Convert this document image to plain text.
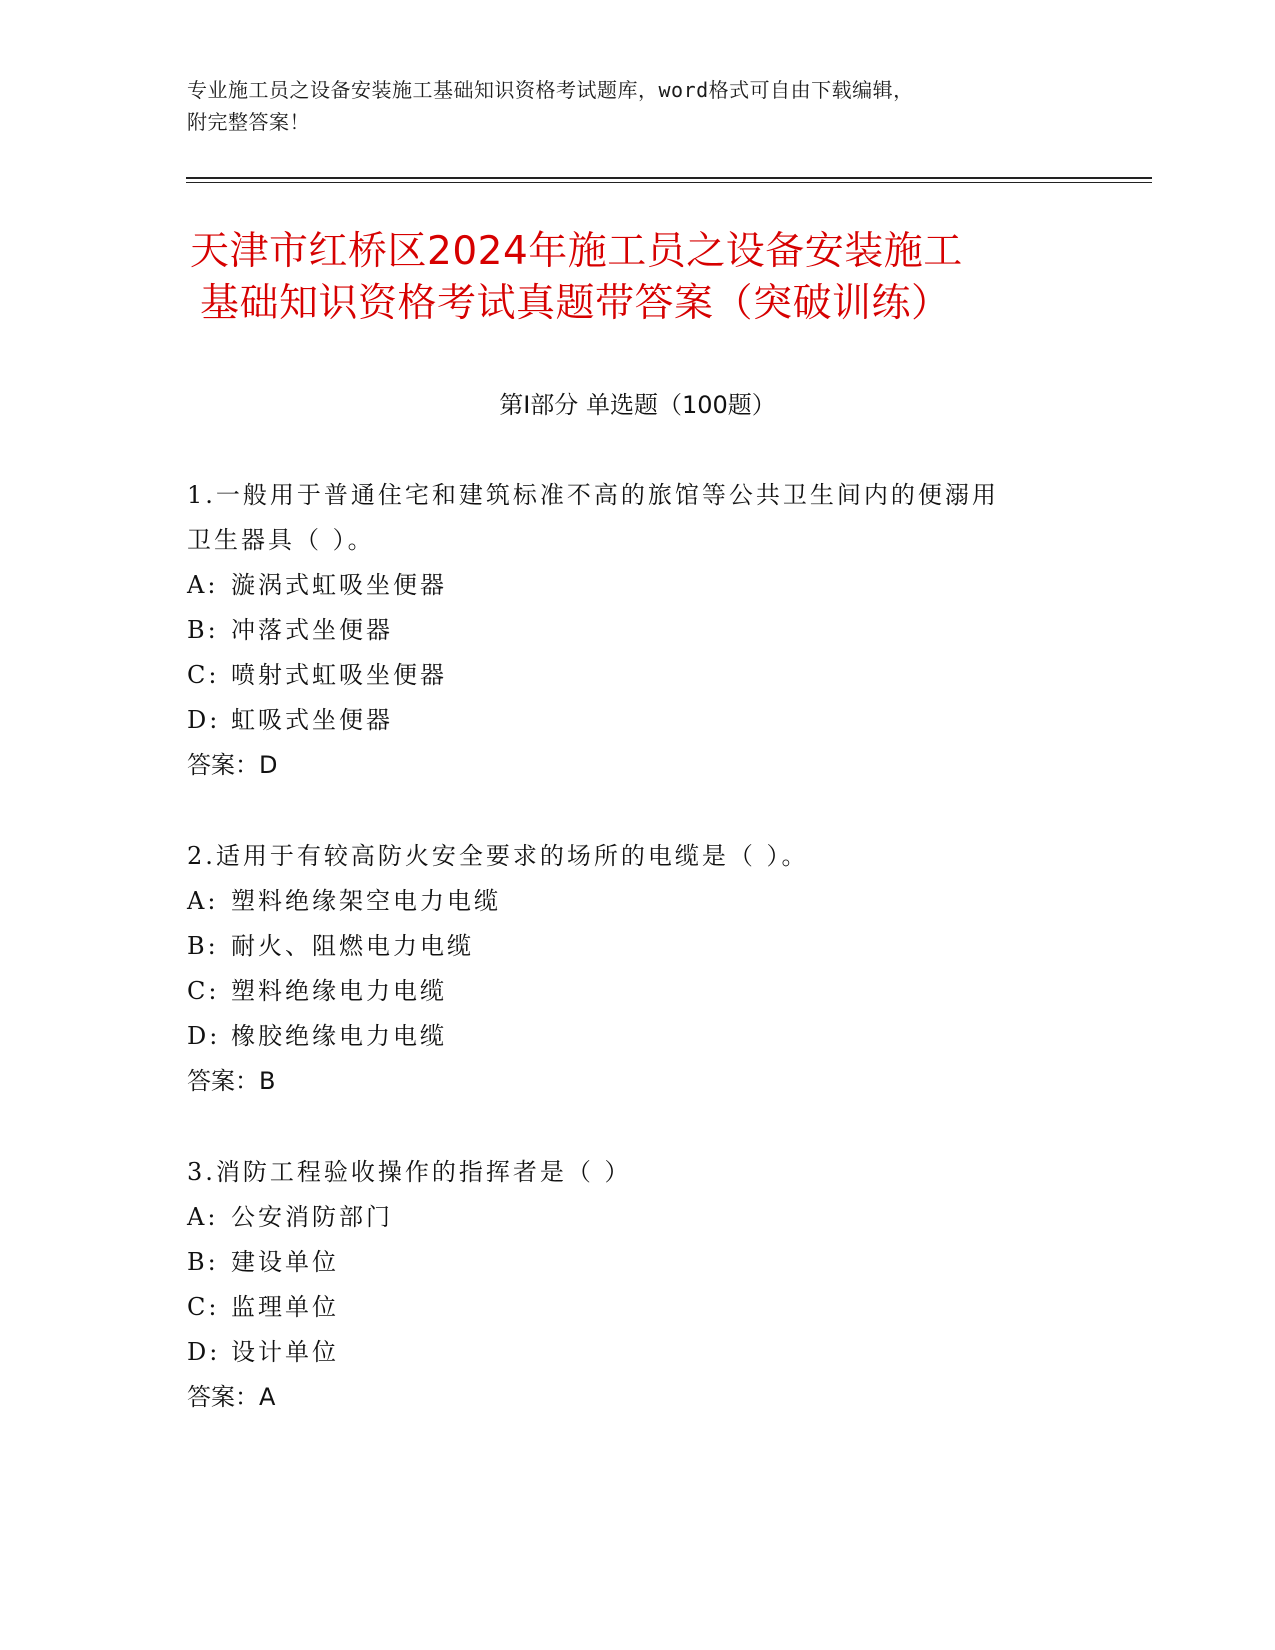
专业施工员之设备安装施工基础知识资格考试题库，word格式可自由下载编辑，
附完整答案！
天津市红桥区2024年施工员之设备安装施工
基础知识资格考试真题带答案（突破训练）
第Ⅰ部分 单选题（100题）
1.一般用于普通住宅和建筑标准不高的旅馆等公共卫生间内的便溺用
卫生器具（ ）。
A: 漩涡式虹吸坐便器
B: 冲落式坐便器
C: 喷射式虹吸坐便器
D: 虹吸式坐便器
答案：D
2.适用于有较高防火安全要求的场所的电缆是（ ）。
A: 塑料绝缘架空电力电缆
B: 耐火、阻燃电力电缆
C: 塑料绝缘电力电缆
D: 橡胶绝缘电力电缆
答案：B
3.消防工程验收操作的指挥者是（ ）
A: 公安消防部门
B: 建设单位
C: 监理单位
D: 设计单位
答案：A
